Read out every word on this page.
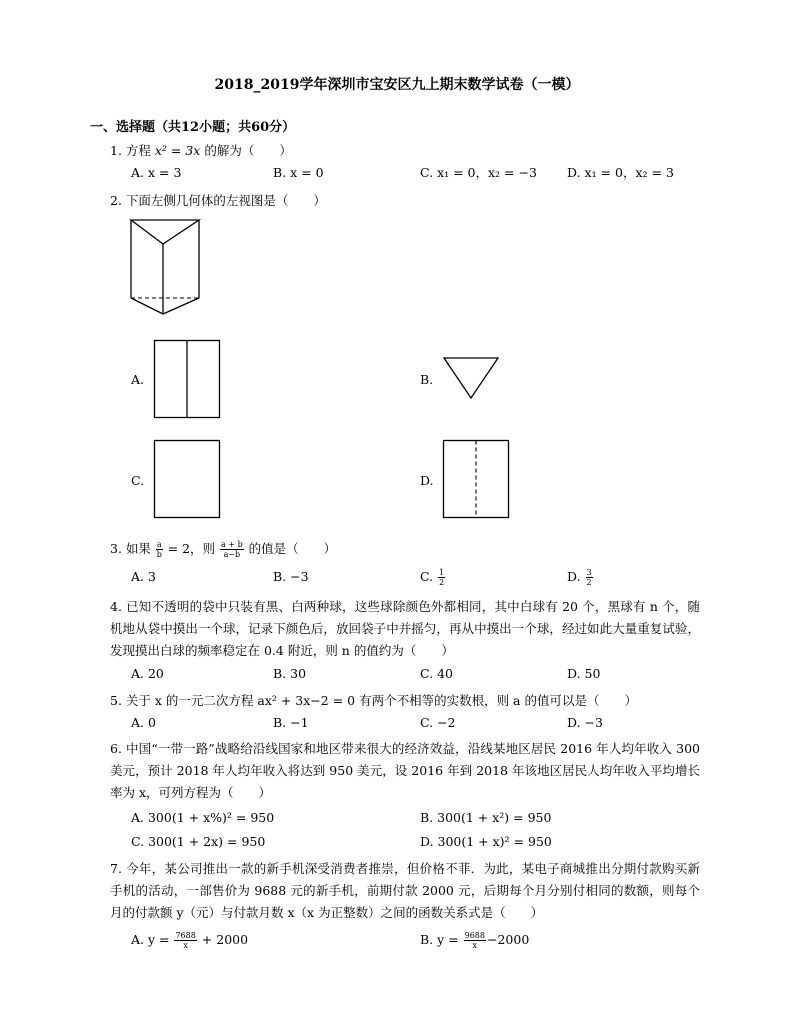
2018_2019学年深圳市宝安区九上期末数学试卷（一模）
一、选择题（共12小题；共60分）
1. 方程 x² = 3x 的解为（　　）
A. x = 3	B. x = 0	C. x₁ = 0，x₂ = −3 D. x₁ = 0，x₂ = 3
2. 下面左侧几何体的左视图是（　　）
A.	B.
C.	D.
3. 如果 $\frac{a}{b} = 2$，则 $\frac{a + b}{a-b}$ 的值是（　　）
A. 3	B. −3	C. $\frac{1}{2}$	D. $\frac{3}{2}$
4. 已知不透明的袋中只装有黑、白两种球，这些球除颜色外都相同，其中白球有 20 个，黑球有 n 个，随机地从袋中摸出一个球，记录下颜色后，放回袋子中并摇匀，再从中摸出一个球，经过如此大量重复试验，发现摸出白球的频率稳定在 0.4 附近，则 n 的值约为（　　）
A. 20	B. 30	C. 40	D. 50
5. 关于 x 的一元二次方程 ax² + 3x−2 = 0 有两个不相等的实数根，则 a 的值可以是（　　）
A. 0	B. −1	C. −2	D. −3
6. 中国“一带一路”战略给沿线国家和地区带来很大的经济效益，沿线某地区居民 2016 年人均年收入 300 美元，预计 2018 年人均年收入将达到 950 美元，设 2016 年到 2018 年该地区居民人均年收入平均增长率为 x，可列方程为（　　）
A. 300(1 + x%)² = 950	B. 300(1 + x²) = 950
C. 300(1 + 2x) = 950	D. 300(1 + x)² = 950
7. 今年，某公司推出一款的新手机深受消费者推崇，但价格不菲．为此，某电子商城推出分期付款购买新手机的活动，一部售价为 9688 元的新手机，前期付款 2000 元，后期每个月分别付相同的数额，则每个月的付款额 y（元）与付款月数 x（x 为正整数）之间的函数关系式是（　　）
A. $y = \frac{7688}{x} + 2000$	B. $y = \frac{9688}{x} -2000$
